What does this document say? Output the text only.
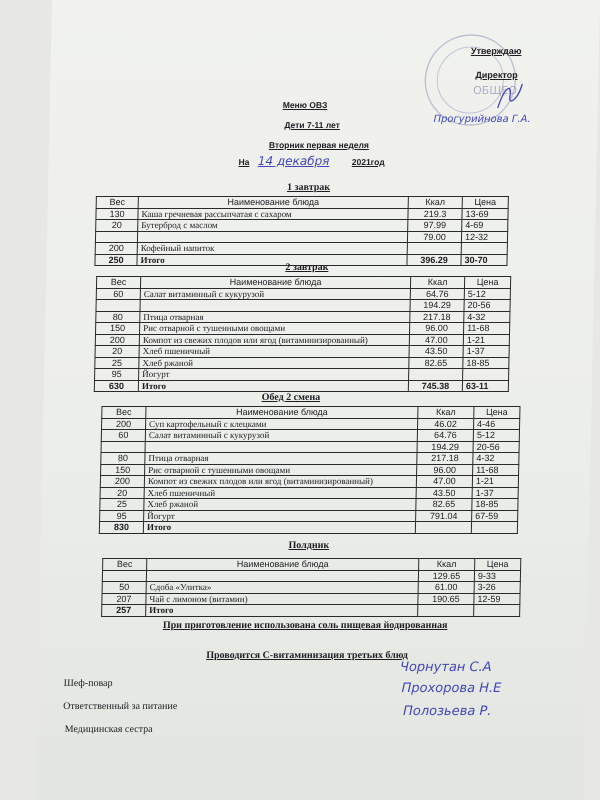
ОБЩЕО
Утверждаю
Директор
Прогурийнова Г.А.
Меню ОВЗ
Дети 7-11 лет
Вторник первая неделя
На 14 декабря	2021год
1 завтрак
Вес	Наименование блюда	Ккал	Цена
130	Каша гречневая рассыпчатая с сахаром	219.3	13-69
20	Бутерброд с маслом	97.99	4-69
		79.00	12-32
200	Кофейный напиток		
250	Итого	396.29	30-70
2 завтрак
Вес	Наименование блюда	Ккал	Цена
60	Салат витаминный с кукурузой	64.76	5-12
		194.29	20-56
80	Птица отварная	217.18	4-32
150	Рис отварной с тушенными овощами	96.00	11-68
200	Компот из свежих плодов или ягод (витаминизированный)	47.00	1-21
20	Хлеб пшеничный	43.50	1-37
25	Хлеб ржаной	82.65	18-85
95	Йогурт		
630	Итого	745.38	63-11
Обед 2 смена
Вес	Наименование блюда	Ккал	Цена
200	Суп картофельный с клецками	46.02	4-46
60	Салат витаминный с кукурузой	64.76	5-12
		194.29	20-56
80	Птица отварная	217.18	4-32
150	Рис отварной с тушенными овощами	96.00	11-68
200	Компот из свежих плодов или ягод (витаминизированный)	47.00	1-21
20	Хлеб пшеничный	43.50	1-37
25	Хлеб ржаной	82.65	18-85
95	Йогурт	791.04	67-59
830	Итого		
Полдник
Вес	Наименование блюда	Ккал	Цена
		129.65	9-33
50	Сдоба «Улитка»	61.00	3-26
207	Чай с лимоном (витамин)	190.65	12-59
257	Итого		
При приготовление использована соль пищевая йодированная
Проводится С-витаминизация третьих блюд
Шеф-повар
Чорнутан С.А
Ответственный за питание
Прохорова Н.Е
Медицинская сестра
Полозьева Р.
